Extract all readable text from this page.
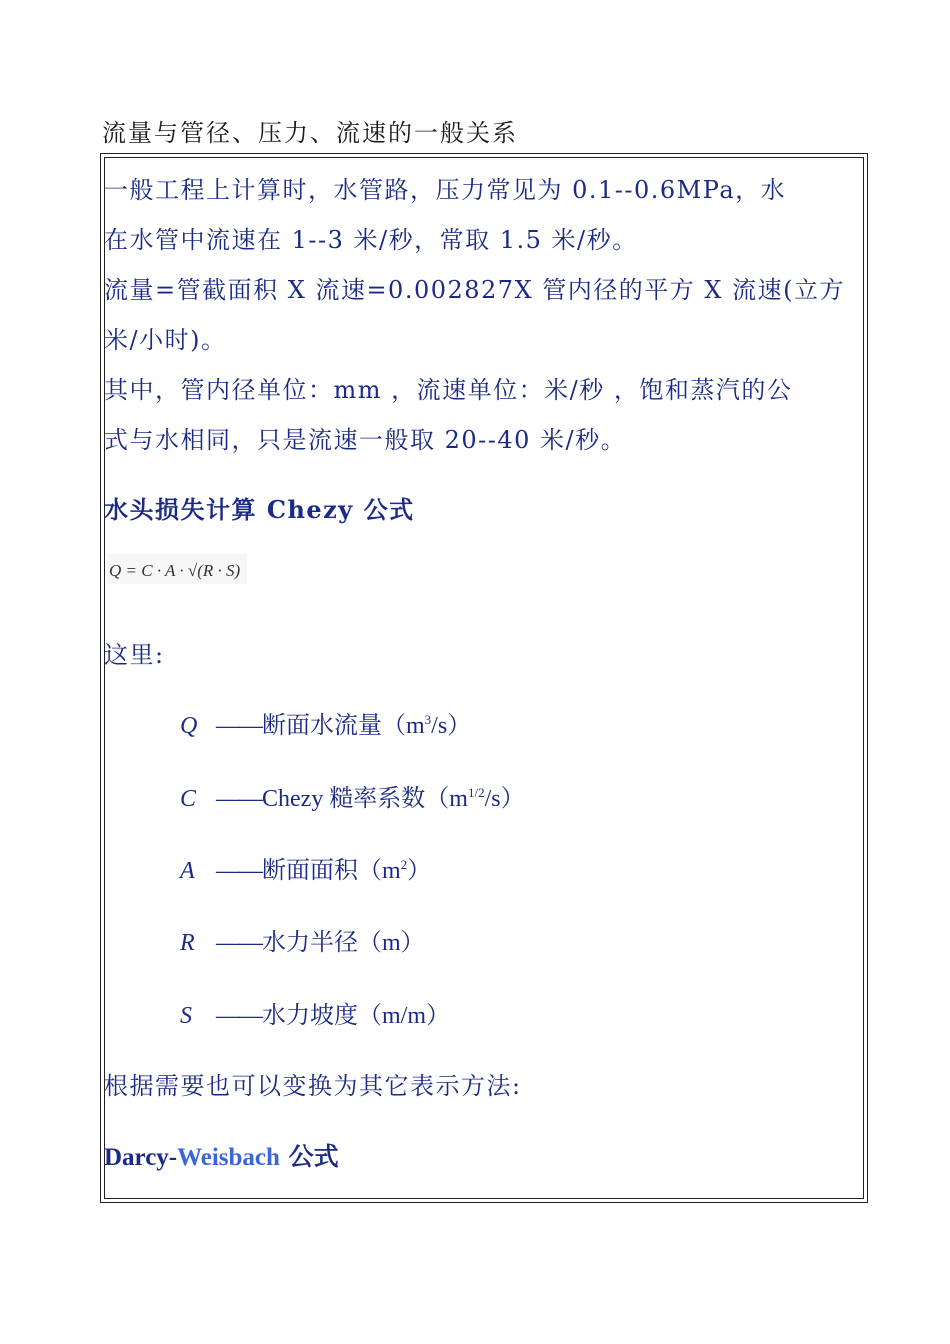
流量与管径、压力、流速的一般关系
一般工程上计算时，水管路，压力常见为 0.1--0.6MPa，水
在水管中流速在 1--3 米/秒，常取 1.5 米/秒。
流量=管截面积 X 流速=0.002827X 管内径的平方 X 流速(立方
米/小时)。
其中，管内径单位：mm ，流速单位：米/秒 ，饱和蒸汽的公
式与水相同，只是流速一般取 20--40 米/秒。
水头损失计算 Chezy 公式
Q = C · A · √(R · S)
这里:
Q ——断面水流量$(m^3/s)$
C ——Chezy 糙率系数$(m^{1/2}/s)$
A ——断面面积$(m^2)$
R ——水力半径（m）
S ——水力坡度（m/m）
根据需要也可以变换为其它表示方法:
Darcy-Weisbach 公式
